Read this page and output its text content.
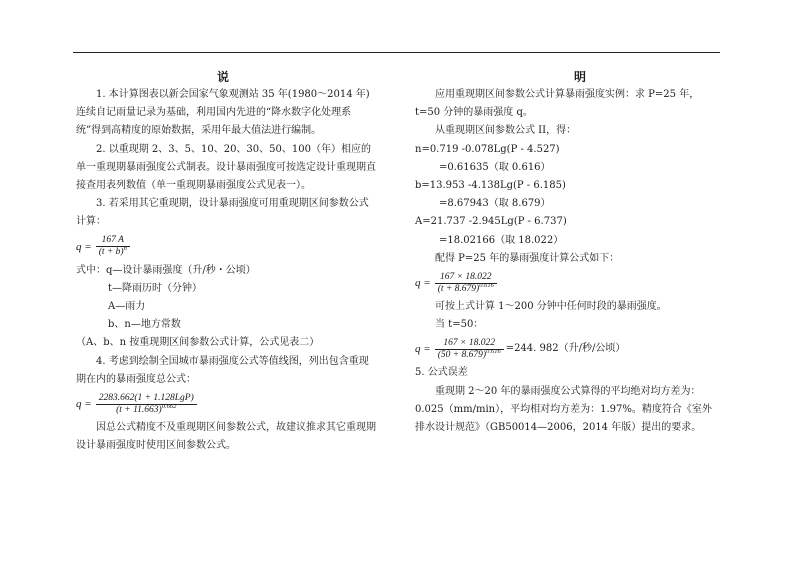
说	明

1. 本计算图表以新会国家气象观测站 35 年(1980～2014 年) 连续自记雨量记录为基础，利用国内先进的“降水数字化处理系统”得到高精度的原始数据，采用年最大值法进行编制。

2. 以重现期 2、3、5、10、20、30、50、100（年）相应的单一重现期暴雨强度公式制表。设计暴雨强度可按选定设计重现期直接查用表列数值（单一重现期暴雨强度公式见表一）。

3. 若采用其它重现期，设计暴雨强度可用重现期区间参数公式计算：

$q = \frac{167 A}{(t + b)^n}$

式中：q—设计暴雨强度（升/秒・公顷）

t—降雨历时（分钟）

A—雨力

b、n—地方常数

（A、b、n 按重现期区间参数公式计算，公式见表二）

4. 考虑到绘制全国城市暴雨强度公式等值线图，列出包含重现期在内的暴雨强度总公式：

$q = \frac{\text{2283.662(1 + 1.128LgP)}}{(t + 11.663)^{0.662}}$

因总公式精度不及重现期区间参数公式，故建议推求其它重现期设计暴雨强度时使用区间参数公式。

应用重现期区间参数公式计算暴雨强度实例：求 P=25 年，t=50 分钟的暴雨强度 q。

从重现期区间参数公式 II，得：

n=0.719 -0.078Lg(P - 4.527)

=0.61635（取 0.616）

b=13.953 -4.138Lg(P - 6.185)

=8.67943（取 8.679）

A=21.737 -2.945Lg(P - 6.737)

=18.02166（取 18.022）

配得 P=25 年的暴雨强度计算公式如下：

$q = \frac{167 \times 18.022}{(t + 8.679)^{0.616}}$

可按上式计算 1～200 分钟中任何时段的暴雨强度。

当 t=50：

$q = \frac{167 \times 18.022}{(50 + 8.679)^{0.616}} =244$. 982（升/秒/公顷）

5. 公式误差

重现期 2～20 年的暴雨强度公式算得的平均绝对均方差为：0.025（mm/min），平均相对均方差为：1.97%。精度符合《室外排水设计规范》（GB50014—2006，2014 年版）提出的要求。
